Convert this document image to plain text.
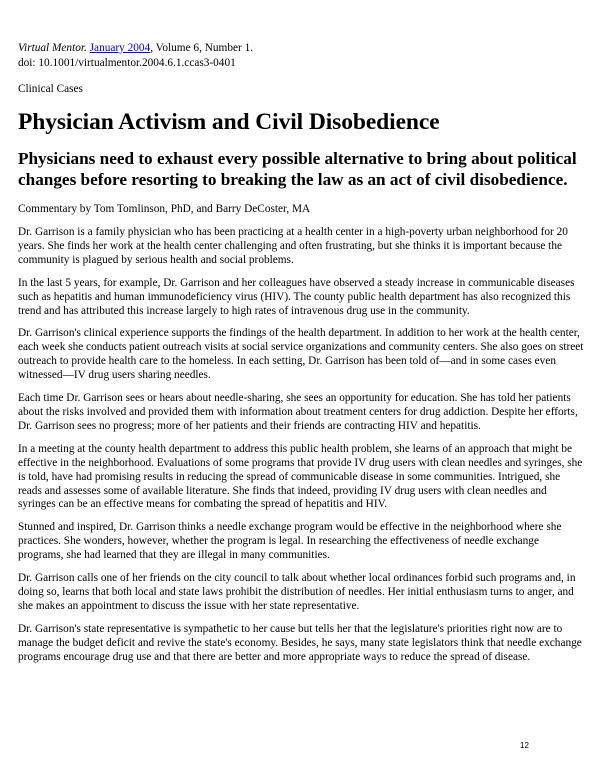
Virtual Mentor. January 2004, Volume 6, Number 1.

doi: 10.1001/virtualmentor.2004.6.1.ccas3-0401

Clinical Cases

Physician Activism and Civil Disobedience
Physicians need to exhaust every possible alternative to bring about political changes before resorting to breaking the law as an act of civil disobedience.

Commentary by Tom Tomlinson, PhD, and Barry DeCoster, MA

Dr. Garrison is a family physician who has been practicing at a health center in a high-poverty urban neighborhood for 20 years. She finds her work at the health center challenging and often frustrating, but she thinks it is important because the community is plagued by serious health and social problems.

In the last 5 years, for example, Dr. Garrison and her colleagues have observed a steady increase in communicable diseases such as hepatitis and human immunodeficiency virus (HIV). The county public health department has also recognized this trend and has attributed this increase largely to high rates of intravenous drug use in the community.

Dr. Garrison's clinical experience supports the findings of the health department. In addition to her work at the health center, each week she conducts patient outreach visits at social service organizations and community centers. She also goes on street outreach to provide health care to the homeless. In each setting, Dr. Garrison has been told of—and in some cases even witnessed—IV drug users sharing needles.

Each time Dr. Garrison sees or hears about needle-sharing, she sees an opportunity for education. She has told her patients about the risks involved and provided them with information about treatment centers for drug addiction. Despite her efforts, Dr. Garrison sees no progress; more of her patients and their friends are contracting HIV and hepatitis.

In a meeting at the county health department to address this public health problem, she learns of an approach that might be effective in the neighborhood. Evaluations of some programs that provide IV drug users with clean needles and syringes, she is told, have had promising results in reducing the spread of communicable disease in some communities. Intrigued, she reads and assesses some of available literature. She finds that indeed, providing IV drug users with clean needles and syringes can be an effective means for combating the spread of hepatitis and HIV.

Stunned and inspired, Dr. Garrison thinks a needle exchange program would be effective in the neighborhood where she practices. She wonders, however, whether the program is legal. In researching the effectiveness of needle exchange programs, she had learned that they are illegal in many communities.

Dr. Garrison calls one of her friends on the city council to talk about whether local ordinances forbid such programs and, in doing so, learns that both local and state laws prohibit the distribution of needles. Her initial enthusiasm turns to anger, and she makes an appointment to discuss the issue with her state representative.

Dr. Garrison's state representative is sympathetic to her cause but tells her that the legislature's priorities right now are to manage the budget deficit and revive the state's economy. Besides, he says, many state legislators think that needle exchange programs encourage drug use and that there are better and more appropriate ways to reduce the spread of disease.

12
